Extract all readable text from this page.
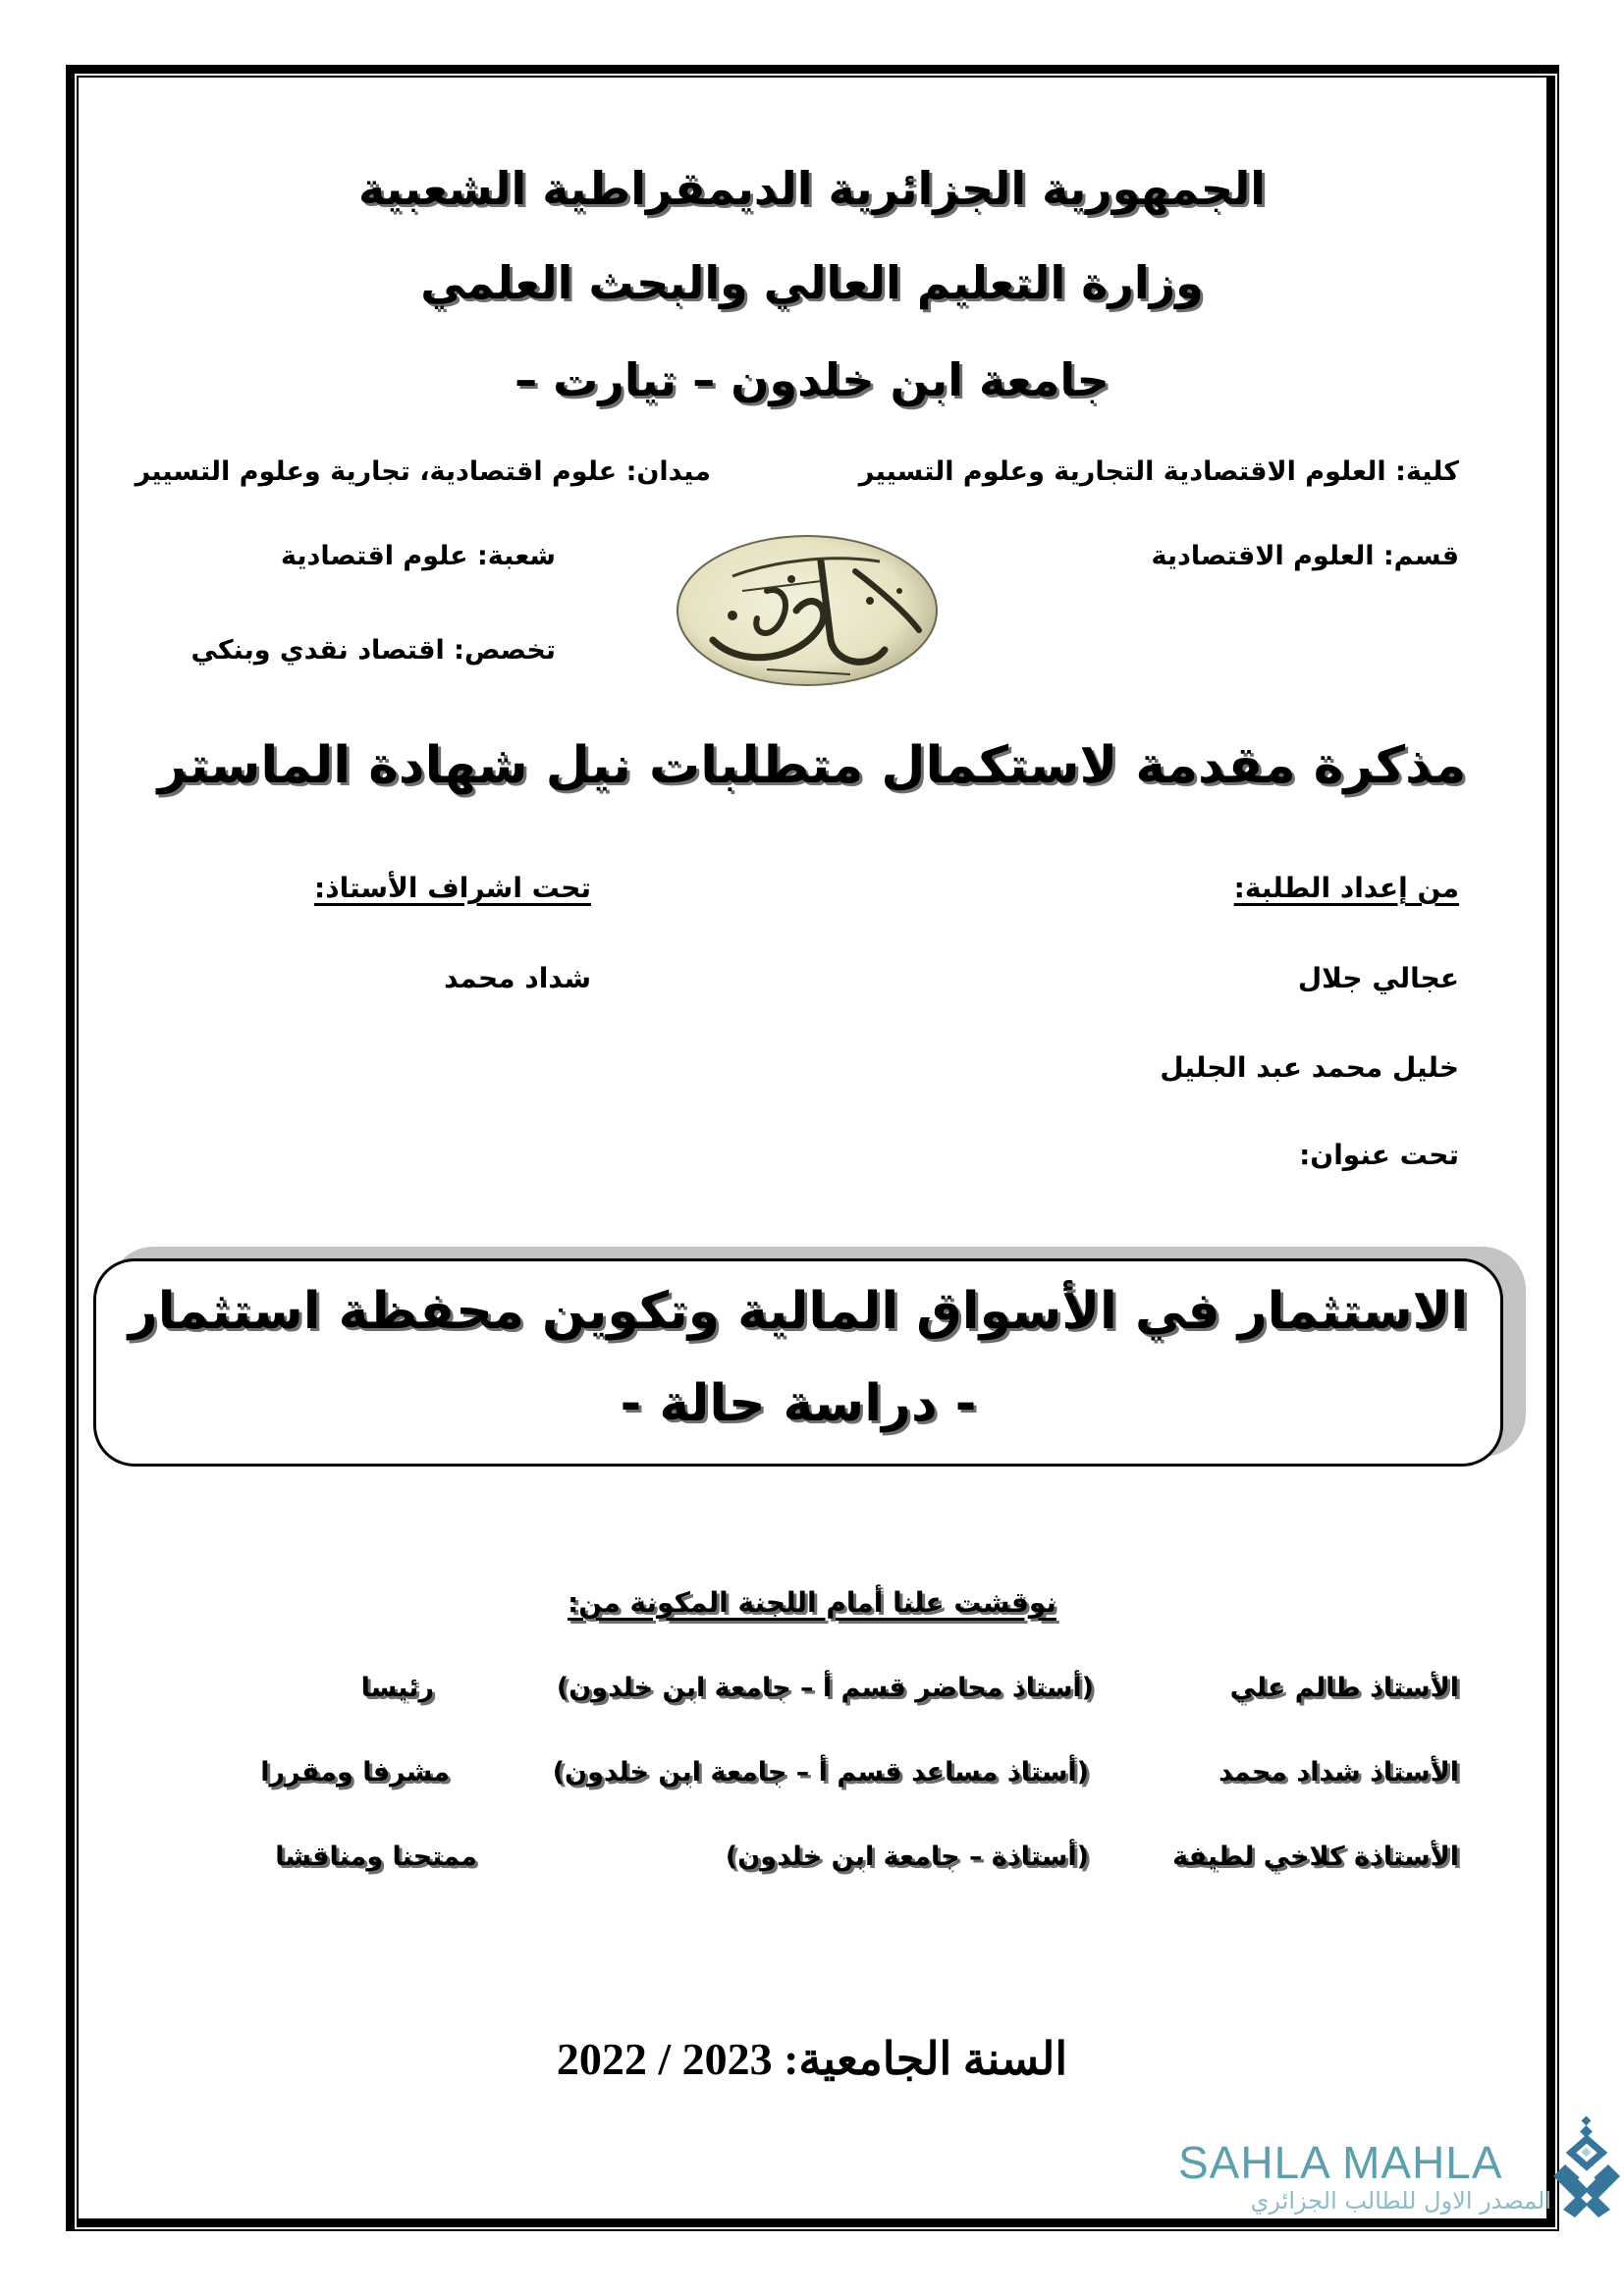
الجمهورية الجزائرية الديمقراطية الشعبية
وزارة التعليم العالي والبحث العلمي
جامعة ابن خلدون – تيارت –
كلية: العلوم الاقتصادية التجارية وعلوم التسيير
ميدان: علوم اقتصادية، تجارية وعلوم التسيير
قسم: العلوم الاقتصادية
شعبة: علوم اقتصادية
تخصص: اقتصاد نقدي وبنكي
مذكرة مقدمة لاستكمال متطلبات نيل شهادة الماستر
من إعداد الطلبة:
تحت اشراف الأستاذ:
عجالي جلال
شداد محمد
خليل محمد عبد الجليل
تحت عنوان:
الاستثمار في الأسواق المالية وتكوين محفظة استثمار
- دراسة حالة -
نوقشت علنا أمام اللجنة المكونة من:
الأستاذ طالم علي
(أستاذ محاضر قسم أ – جامعة ابن خلدون)
رئيسا
الأستاذ شداد محمد
(أستاذ مساعد قسم أ – جامعة ابن خلدون)
مشرفا ومقررا
الأستاذة كلاخي لطيفة
(أستاذة – جامعة ابن خلدون)
ممتحنا ومناقشا
السنة الجامعية: 2022 / 2023
SAHLA MAHLA
المصدر الاول للطالب الجزائري
